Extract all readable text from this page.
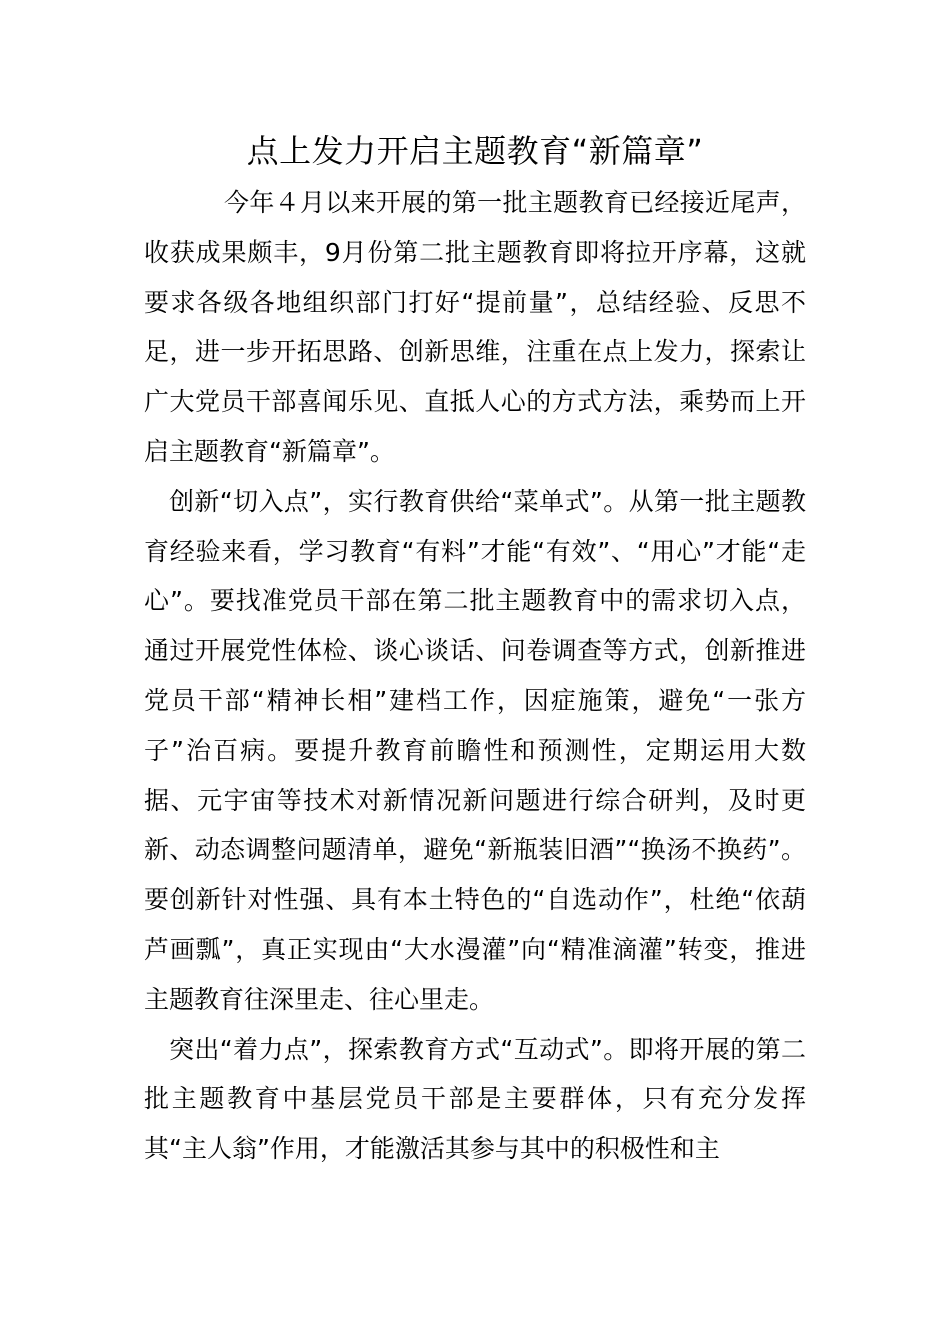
点上发力开启主题教育“新篇章”

今年４月以来开展的第一批主题教育已经接近尾声，收获成果颇丰，9月份第二批主题教育即将拉开序幕，这就要求各级各地组织部门打好“提前量”，总结经验、反思不足，进一步开拓思路、创新思维，注重在点上发力，探索让广大党员干部喜闻乐见、直抵人心的方式方法，乘势而上开启主题教育“新篇章”。

创新“切入点”，实行教育供给“菜单式”。从第一批主题教育经验来看，学习教育“有料”才能“有效”、“用心”才能“走心”。要找准党员干部在第二批主题教育中的需求切入点，通过开展党性体检、谈心谈话、问卷调查等方式，创新推进党员干部“精神长相”建档工作，因症施策，避免“一张方子”治百病。要提升教育前瞻性和预测性，定期运用大数据、元宇宙等技术对新情况新问题进行综合研判，及时更新、动态调整问题清单，避免“新瓶装旧酒”“换汤不换药”。要创新针对性强、具有本土特色的“自选动作”，杜绝“依葫芦画瓢”，真正实现由“大水漫灌”向“精准滴灌”转变，推进主题教育往深里走、往心里走。

突出“着力点”，探索教育方式“互动式”。即将开展的第二批主题教育中基层党员干部是主要群体，只有充分发挥其“主人翁”作用，才能激活其参与其中的积极性和主
